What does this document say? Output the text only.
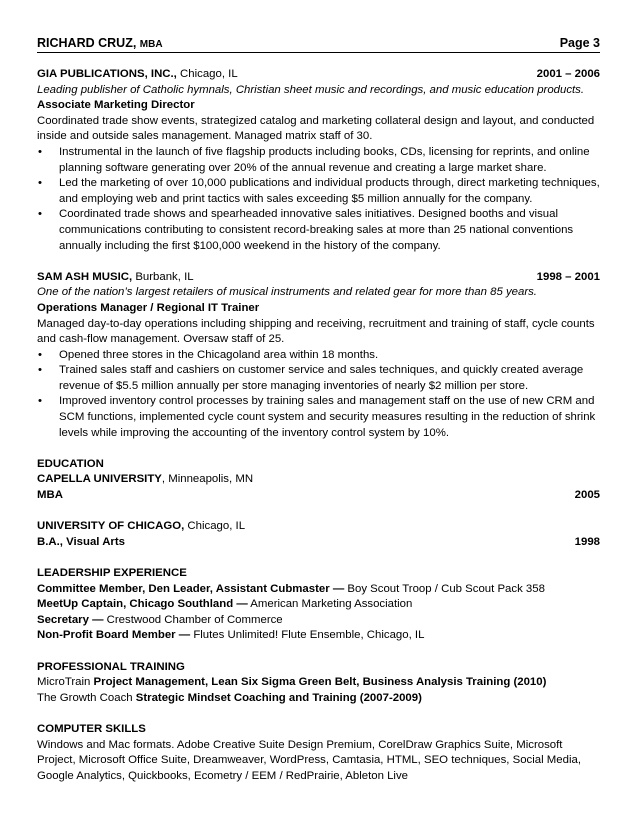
RICHARD CRUZ, MBA	Page 3
GIA PUBLICATIONS, INC., Chicago, IL	2001 – 2006
Leading publisher of Catholic hymnals, Christian sheet music and recordings, and music education products.
Associate Marketing Director
Coordinated trade show events, strategized catalog and marketing collateral design and layout, and conducted inside and outside sales management. Managed matrix staff of 30.
• Instrumental in the launch of five flagship products including books, CDs, licensing for reprints, and online planning software generating over 20% of the annual revenue and creating a large market share.
• Led the marketing of over 10,000 publications and individual products through, direct marketing techniques, and employing web and print tactics with sales exceeding $5 million annually for the company.
• Coordinated trade shows and spearheaded innovative sales initiatives. Designed booths and visual communications contributing to consistent record-breaking sales at more than 25 national conventions annually including the first $100,000 weekend in the history of the company.
SAM ASH MUSIC, Burbank, IL	1998 – 2001
One of the nation’s largest retailers of musical instruments and related gear for more than 85 years.
Operations Manager / Regional IT Trainer
Managed day-to-day operations including shipping and receiving, recruitment and training of staff, cycle counts and cash-flow management. Oversaw staff of 25.
• Opened three stores in the Chicagoland area within 18 months.
• Trained sales staff and cashiers on customer service and sales techniques, and quickly created average revenue of $5.5 million annually per store managing inventories of nearly $2 million per store.
• Improved inventory control processes by training sales and management staff on the use of new CRM and SCM functions, implemented cycle count system and security measures resulting in the reduction of shrink levels while improving the accounting of the inventory control system by 10%.
EDUCATION
CAPELLA UNIVERSITY, Minneapolis, MN
MBA	2005
UNIVERSITY OF CHICAGO, Chicago, IL
B.A., Visual Arts	1998
LEADERSHIP EXPERIENCE
Committee Member, Den Leader, Assistant Cubmaster — Boy Scout Troop / Cub Scout Pack 358
MeetUp Captain, Chicago Southland — American Marketing Association
Secretary — Crestwood Chamber of Commerce
Non-Profit Board Member — Flutes Unlimited! Flute Ensemble, Chicago, IL
PROFESSIONAL TRAINING
MicroTrain Project Management, Lean Six Sigma Green Belt, Business Analysis Training (2010)
The Growth Coach Strategic Mindset Coaching and Training (2007-2009)
COMPUTER SKILLS
Windows and Mac formats. Adobe Creative Suite Design Premium, CorelDraw Graphics Suite, Microsoft Project, Microsoft Office Suite, Dreamweaver, WordPress, Camtasia, HTML, SEO techniques, Social Media, Google Analytics, Quickbooks, Ecometry / EEM / RedPrairie, Ableton Live
